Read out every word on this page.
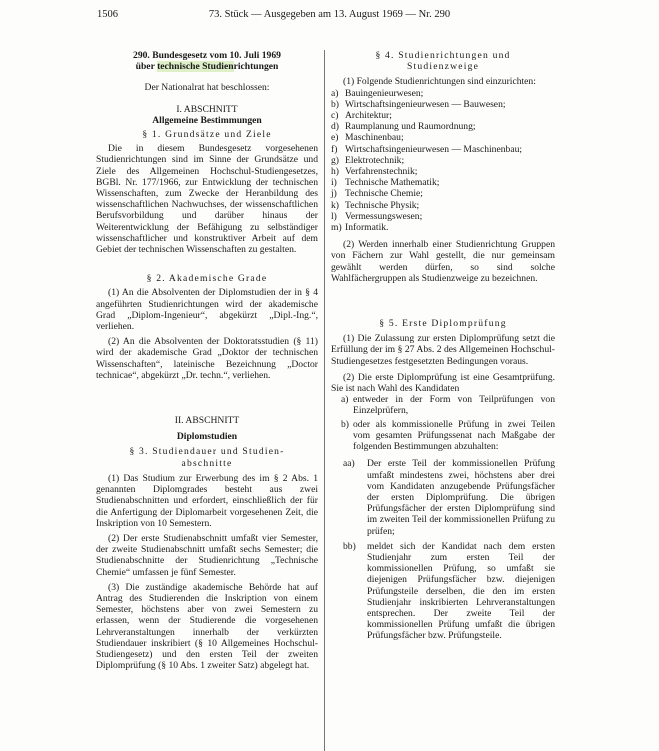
1506	73. Stück — Ausgegeben am 13. August 1969 — Nr. 290

290. Bundesgesetz vom 10. Juli 1969

über technische Studienrichtungen

Der Nationalrat hat beschlossen:

I. ABSCHNITT

Allgemeine Bestimmungen

§ 1. Grundsätze und Ziele

Die in diesem Bundesgesetz vorgesehenen Studienrichtungen sind im Sinne der Grundsätze und Ziele des Allgemeinen Hochschul-Studiengesetzes, BGBl. Nr. 177/1966, zur Entwicklung der technischen Wissenschaften, zum Zwecke der Heranbildung des wissenschaftlichen Nachwuchses, der wissenschaftlichen Berufsvorbildung und darüber hinaus der Weiterentwicklung der Befähigung zu selbständiger wissenschaftlicher und konstruktiver Arbeit auf dem Gebiet der technischen Wissenschaften zu gestalten.

§ 2. Akademische Grade

(1) An die Absolventen der Diplomstudien der in § 4 angeführten Studienrichtungen wird der akademische Grad „Diplom-Ingenieur“, abgekürzt „Dipl.-Ing.“, verliehen.

(2) An die Absolventen der Doktoratsstudien (§ 11) wird der akademische Grad „Doktor der technischen Wissenschaften“, lateinische Bezeichnung „Doctor technicae“, abgekürzt „Dr. techn.“, verliehen.

II. ABSCHNITT

Diplomstudien

§ 3. Studiendauer und Studien-

abschnitte

(1) Das Studium zur Erwerbung des im § 2 Abs. 1 genannten Diplomgrades besteht aus zwei Studienabschnitten und erfordert, einschließlich der für die Anfertigung der Diplomarbeit vorgesehenen Zeit, die Inskription von 10 Semestern.

(2) Der erste Studienabschnitt umfaßt vier Semester, der zweite Studienabschnitt umfaßt sechs Semester; die Studienabschnitte der Studienrichtung „Technische Chemie“ umfassen je fünf Semester.

(3) Die zuständige akademische Behörde hat auf Antrag des Studierenden die Inskription von einem Semester, höchstens aber von zwei Semestern zu erlassen, wenn der Studierende die vorgesehenen Lehrveranstaltungen innerhalb der verkürzten Studiendauer inskribiert (§ 10 Allgemeines Hochschul-Studiengesetz) und den ersten Teil der zweiten Diplomprüfung (§ 10 Abs. 1 zweiter Satz) abgelegt hat.

§ 4. Studienrichtungen und

Studienzweige

(1) Folgende Studienrichtungen sind einzurichten:

a) Bauingenieurwesen;
b) Wirtschaftsingenieurwesen — Bauwesen;
c) Architektur;
d) Raumplanung und Raumordnung;
e) Maschinenbau;
f) Wirtschaftsingenieurwesen — Maschinenbau;
g) Elektrotechnik;
h) Verfahrenstechnik;
i) Technische Mathematik;
j) Technische Chemie;
k) Technische Physik;
l) Vermessungswesen;
m) Informatik.

(2) Werden innerhalb einer Studienrichtung Gruppen von Fächern zur Wahl gestellt, die nur gemeinsam gewählt werden dürfen, so sind solche Wahlfächergruppen als Studienzweige zu bezeichnen.

§ 5. Erste Diplomprüfung

(1) Die Zulassung zur ersten Diplomprüfung setzt die Erfüllung der im § 27 Abs. 2 des Allgemeinen Hochschul-Studiengesetzes festgesetzten Bedingungen voraus.

(2) Die erste Diplomprüfung ist eine Gesamtprüfung. Sie ist nach Wahl des Kandidaten

a) entweder in der Form von Teilprüfungen von Einzelprüfern,
b) oder als kommissionelle Prüfung in zwei Teilen vom gesamten Prüfungssenat nach Maßgabe der folgenden Bestimmungen abzuhalten:
aa) Der erste Teil der kommissionellen Prüfung umfaßt mindestens zwei, höchstens aber drei vom Kandidaten anzugebende Prüfungsfächer der ersten Diplomprüfung. Die übrigen Prüfungsfächer der ersten Diplomprüfung sind im zweiten Teil der kommissionellen Prüfung zu prüfen;
bb) meldet sich der Kandidat nach dem ersten Studienjahr zum ersten Teil der kommissionellen Prüfung, so umfaßt sie diejenigen Prüfungsfächer bzw. diejenigen Prüfungsteile derselben, die den im ersten Studienjahr inskribierten Lehrveranstaltungen entsprechen. Der zweite Teil der kommissionellen Prüfung umfaßt die übrigen Prüfungsfächer bzw. Prüfungsteile.
